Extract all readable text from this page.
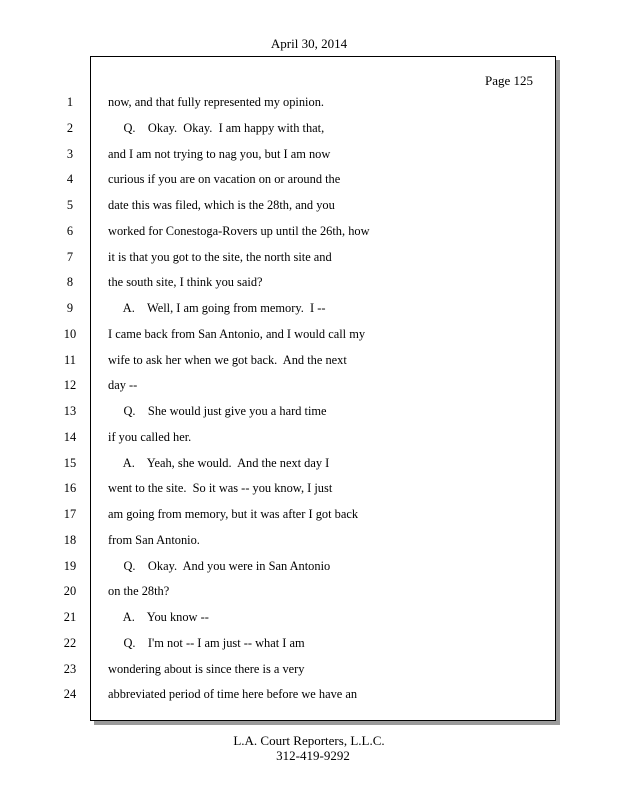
April 30, 2014
Page 125
1	now, and that fully represented my opinion.
2	Q.    Okay.  Okay.  I am happy with that,
3	and I am not trying to nag you, but I am now
4	curious if you are on vacation on or around the
5	date this was filed, which is the 28th, and you
6	worked for Conestoga-Rovers up until the 26th, how
7	it is that you got to the site, the north site and
8	the south site, I think you said?
9	A.    Well, I am going from memory.  I --
10	I came back from San Antonio, and I would call my
11	wife to ask her when we got back.  And the next
12	day --
13	Q.    She would just give you a hard time
14	if you called her.
15	A.    Yeah, she would.  And the next day I
16	went to the site.  So it was -- you know, I just
17	am going from memory, but it was after I got back
18	from San Antonio.
19	Q.    Okay.  And you were in San Antonio
20	on the 28th?
21	A.    You know --
22	Q.    I'm not -- I am just -- what I am
23	wondering about is since there is a very
24	abbreviated period of time here before we have an
L.A. Court Reporters, L.L.C.
312-419-9292
